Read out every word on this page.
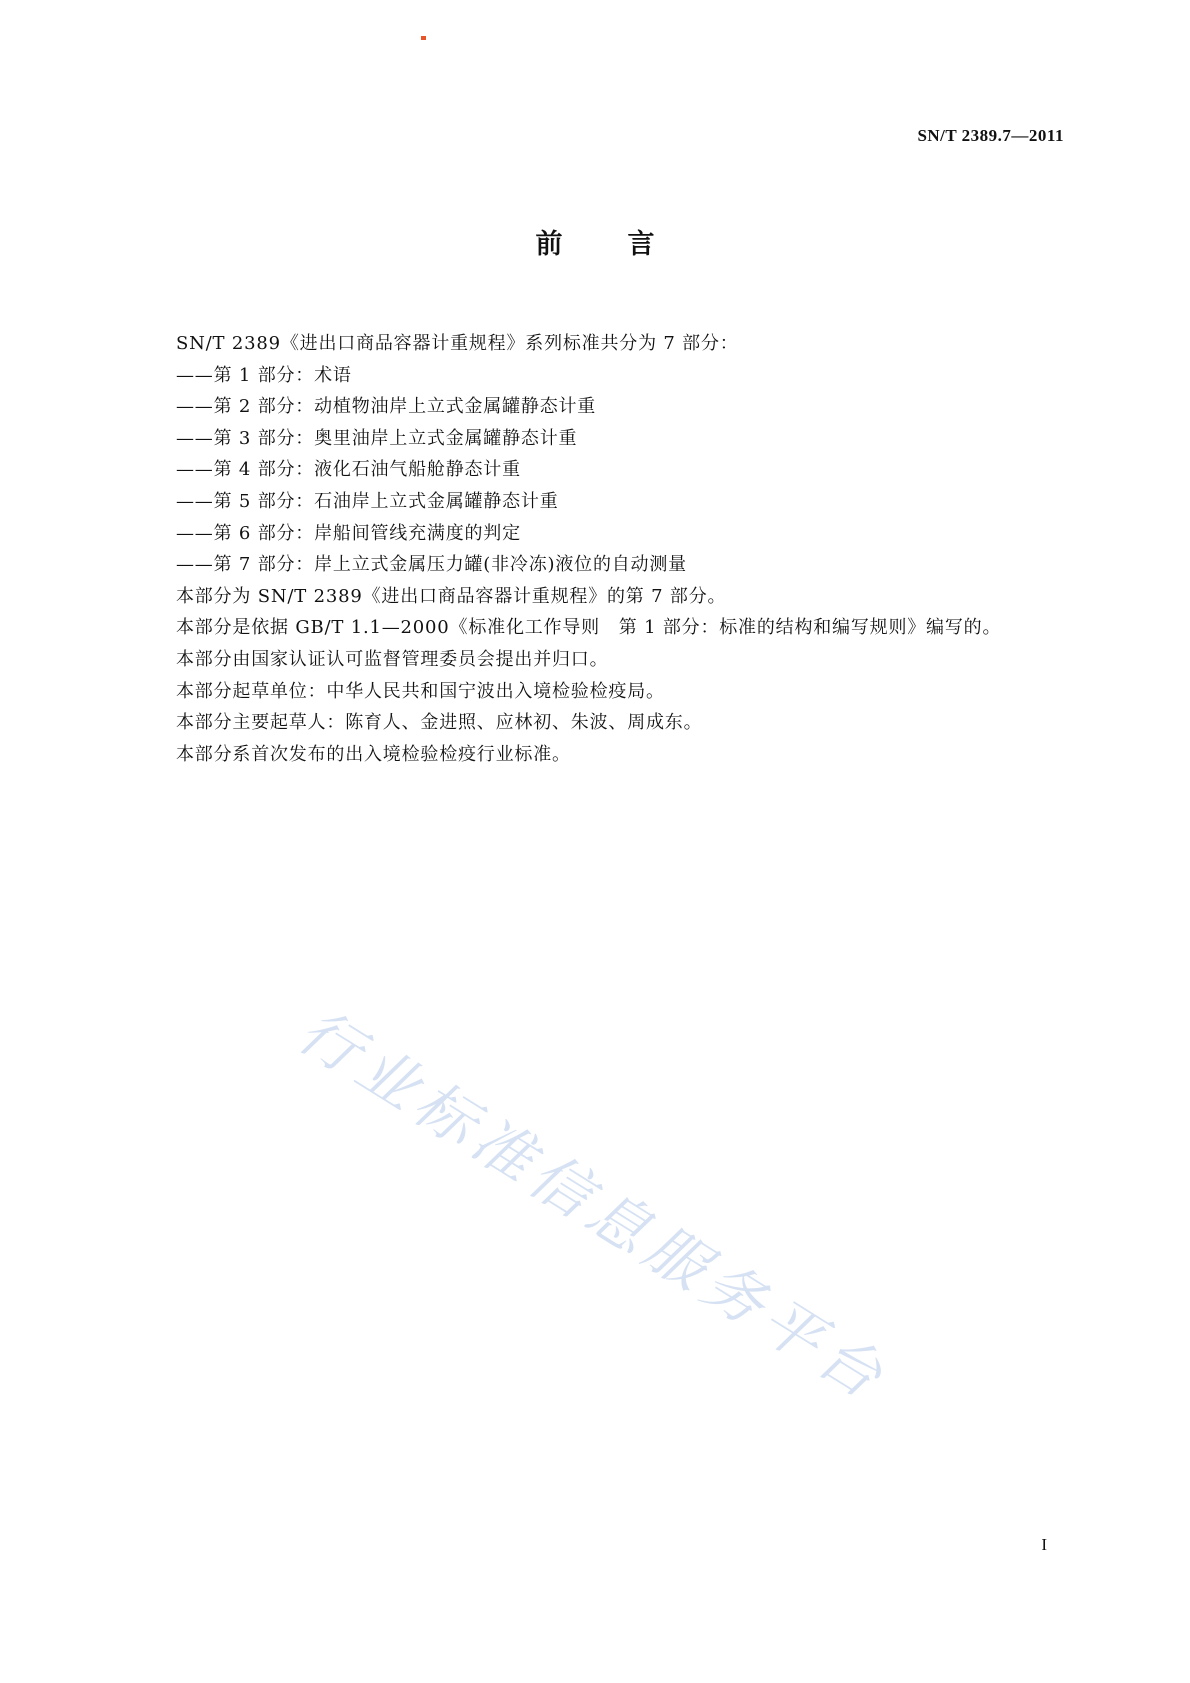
SN/T 2389.7—2011
前言
SN/T 2389《进出口商品容器计重规程》系列标准共分为 7 部分：
——第 1 部分：术语
——第 2 部分：动植物油岸上立式金属罐静态计重
——第 3 部分：奥里油岸上立式金属罐静态计重
——第 4 部分：液化石油气船舱静态计重
——第 5 部分：石油岸上立式金属罐静态计重
——第 6 部分：岸船间管线充满度的判定
——第 7 部分：岸上立式金属压力罐(非冷冻)液位的自动测量
本部分为 SN/T 2389《进出口商品容器计重规程》的第 7 部分。
本部分是依据 GB/T 1.1—2000《标准化工作导则　第 1 部分：标准的结构和编写规则》编写的。
本部分由国家认证认可监督管理委员会提出并归口。
本部分起草单位：中华人民共和国宁波出入境检验检疫局。
本部分主要起草人：陈育人、金进照、应林初、朱波、周成东。
本部分系首次发布的出入境检验检疫行业标准。
行业标准信息服务平台
I
